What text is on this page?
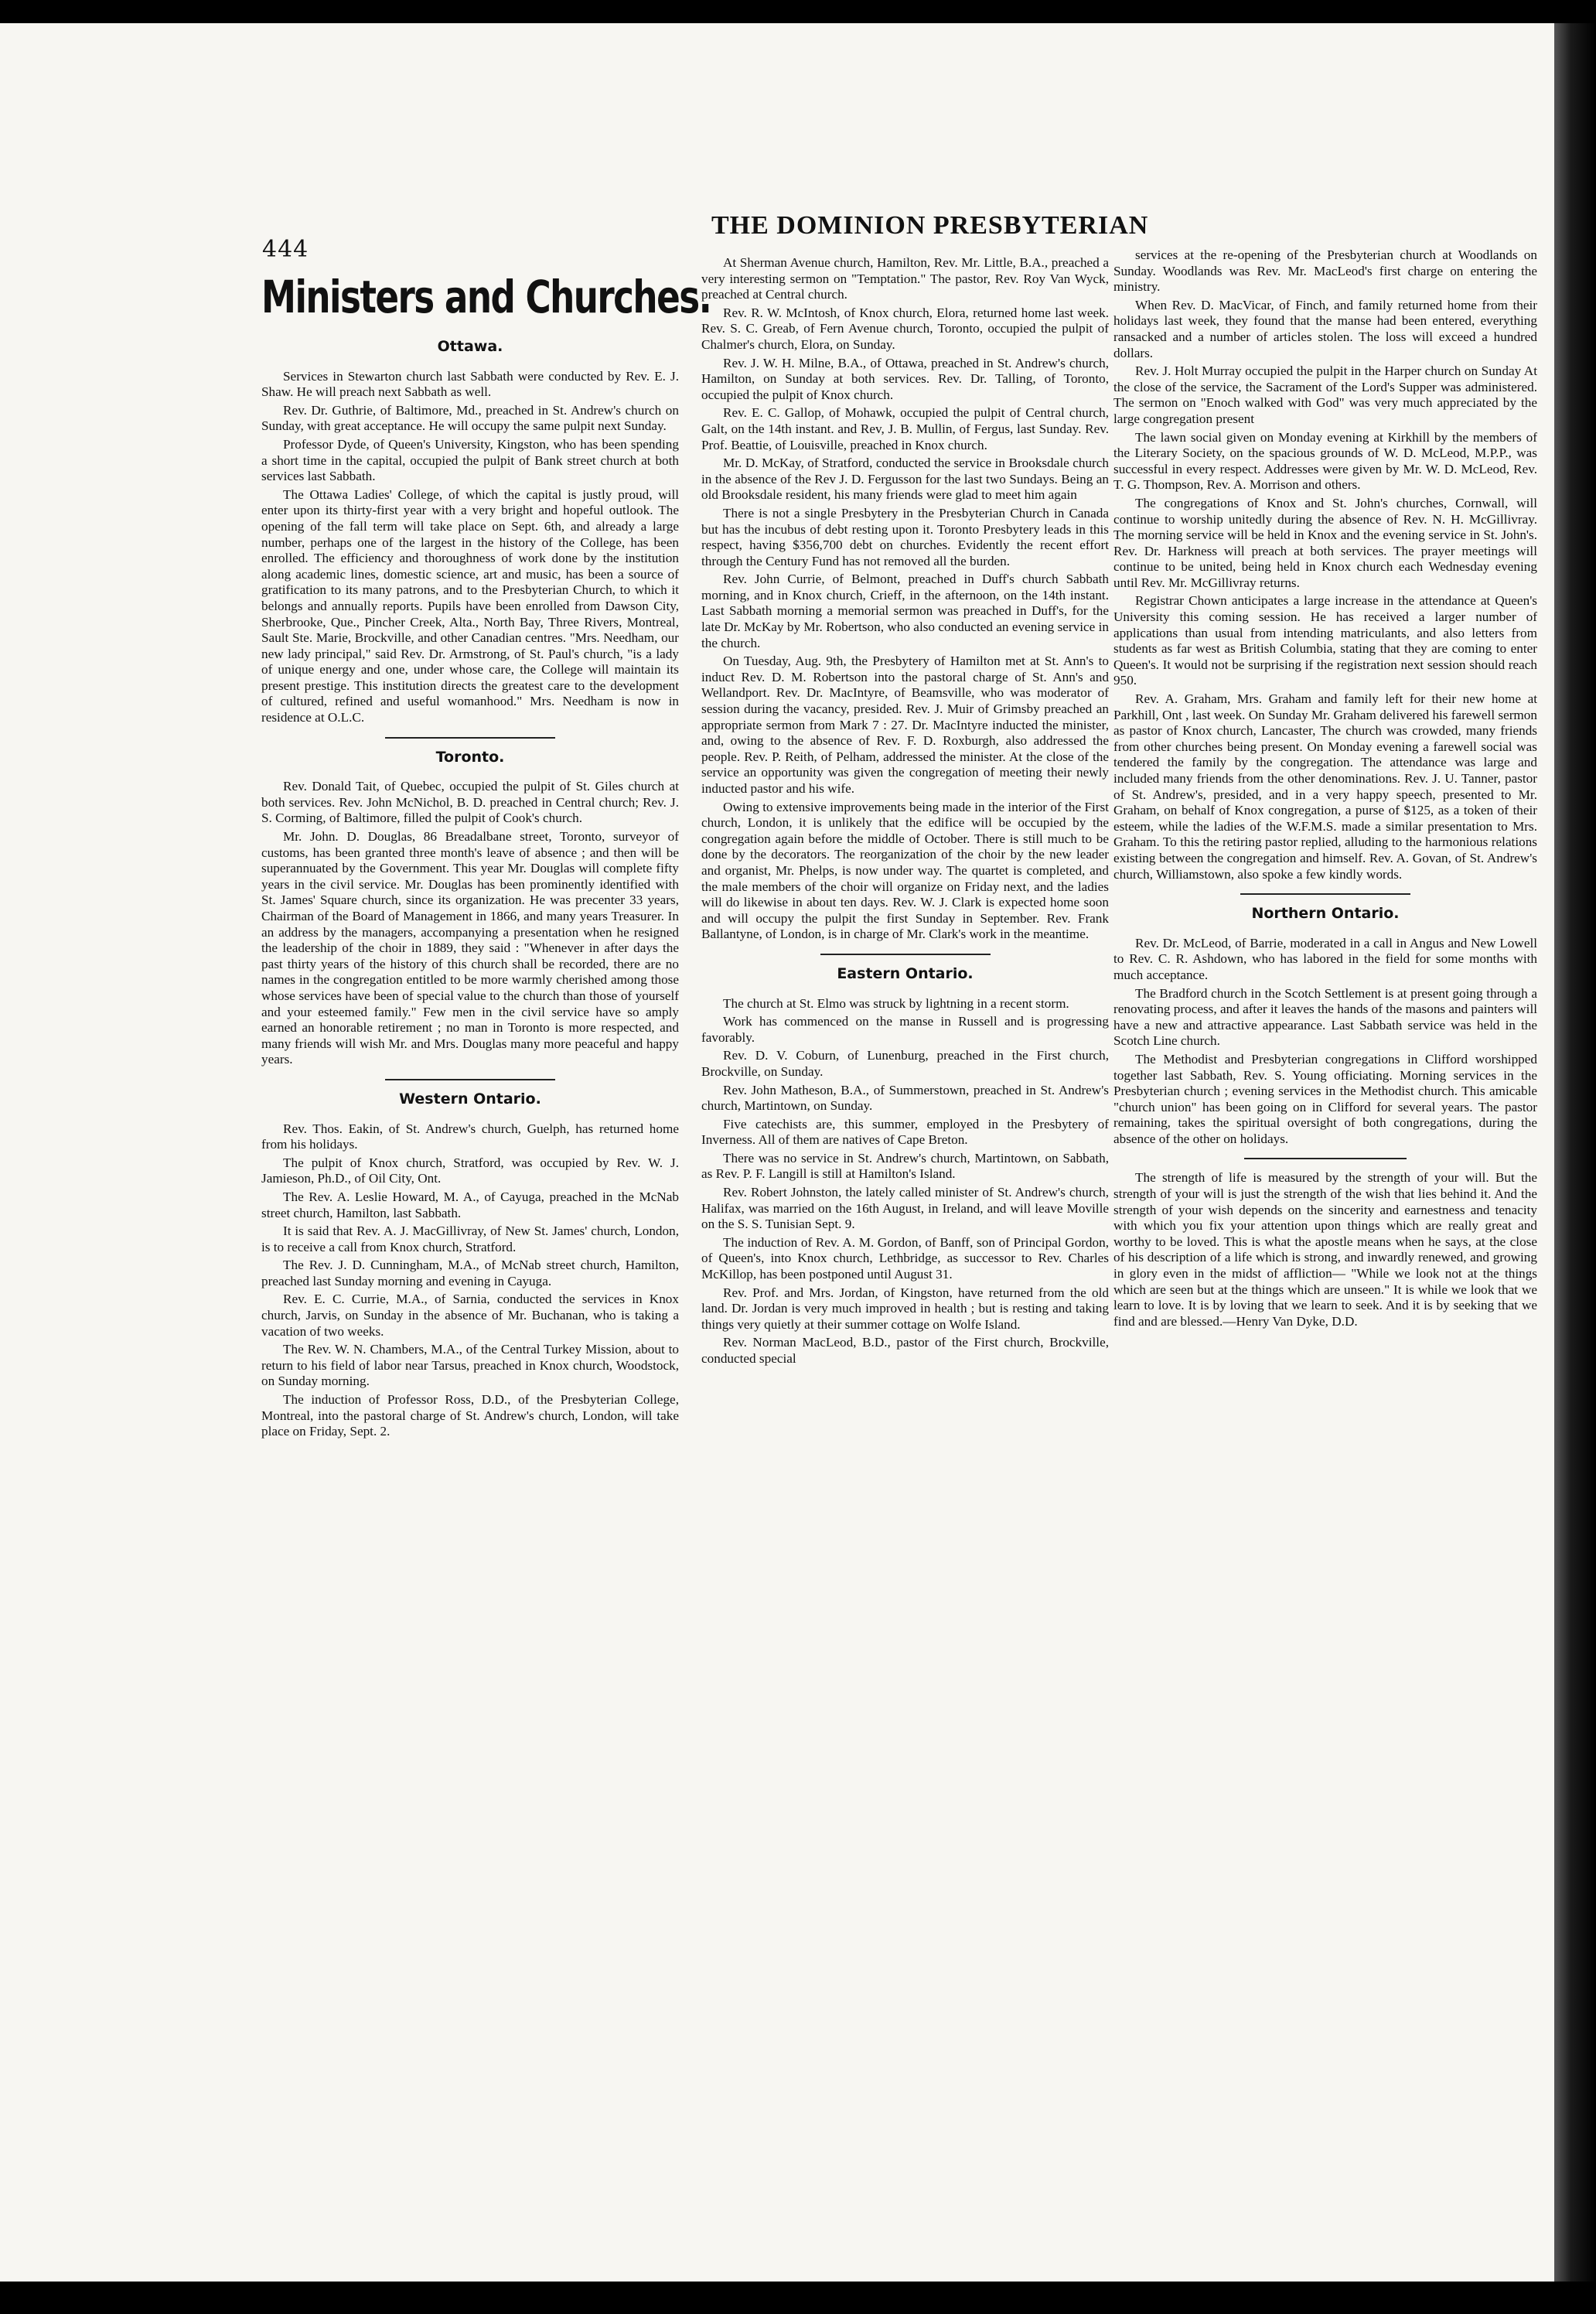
444
THE DOMINION PRESBYTERIAN
Ministers and Churches.
Ottawa.

Services in Stewarton church last Sabbath were conducted by Rev. E. J. Shaw. He will preach next Sabbath as well.

Rev. Dr. Guthrie, of Baltimore, Md., preached in St. Andrew's church on Sunday, with great acceptance. He will occupy the same pulpit next Sunday.

Professor Dyde, of Queen's University, Kingston, who has been spending a short time in the capital, occupied the pulpit of Bank street church at both services last Sabbath.

The Ottawa Ladies' College, of which the capital is justly proud, will enter upon its thirty-first year with a very bright and hopeful outlook. The opening of the fall term will take place on Sept. 6th, and already a large number, perhaps one of the largest in the history of the College, has been enrolled. The efficiency and thoroughness of work done by the institution along academic lines, domestic science, art and music, has been a source of gratification to its many patrons, and to the Presbyterian Church, to which it belongs and annually reports. Pupils have been enrolled from Dawson City, Sherbrooke, Que., Pincher Creek, Alta., North Bay, Three Rivers, Montreal, Sault Ste. Marie, Brockville, and other Canadian centres. "Mrs. Needham, our new lady principal," said Rev. Dr. Armstrong, of St. Paul's church, "is a lady of unique energy and one, under whose care, the College will maintain its present prestige. This institution directs the greatest care to the development of cultured, refined and useful womanhood." Mrs. Needham is now in residence at O.L.C.

Toronto.

Rev. Donald Tait, of Quebec, occupied the pulpit of St. Giles church at both services. Rev. John McNichol, B. D. preached in Central church; Rev. J. S. Corming, of Baltimore, filled the pulpit of Cook's church.

Mr. John. D. Douglas, 86 Breadalbane street, Toronto, surveyor of customs, has been granted three month's leave of absence ; and then will be superannuated by the Government. This year Mr. Douglas will complete fifty years in the civil service. Mr. Douglas has been prominently identified with St. James' Square church, since its organization. He was precenter 33 years, Chairman of the Board of Management in 1866, and many years Treasurer. In an address by the managers, accompanying a presentation when he resigned the leadership of the choir in 1889, they said : "Whenever in after days the past thirty years of the history of this church shall be recorded, there are no names in the congregation entitled to be more warmly cherished among those whose services have been of special value to the church than those of yourself and your esteemed family." Few men in the civil service have so amply earned an honorable retirement ; no man in Toronto is more respected, and many friends will wish Mr. and Mrs. Douglas many more peaceful and happy years.

Western Ontario.

Rev. Thos. Eakin, of St. Andrew's church, Guelph, has returned home from his holidays.

The pulpit of Knox church, Stratford, was occupied by Rev. W. J. Jamieson, Ph.D., of Oil City, Ont.

The Rev. A. Leslie Howard, M. A., of Cayuga, preached in the McNab street church, Hamilton, last Sabbath.

It is said that Rev. A. J. MacGillivray, of New St. James' church, London, is to receive a call from Knox church, Stratford.

The Rev. J. D. Cunningham, M.A., of McNab street church, Hamilton, preached last Sunday morning and evening in Cayuga.

Rev. E. C. Currie, M.A., of Sarnia, conducted the services in Knox church, Jarvis, on Sunday in the absence of Mr. Buchanan, who is taking a vacation of two weeks.

The Rev. W. N. Chambers, M.A., of the Central Turkey Mission, about to return to his field of labor near Tarsus, preached in Knox church, Woodstock, on Sunday morning.

The induction of Professor Ross, D.D., of the Presbyterian College, Montreal, into the pastoral charge of St. Andrew's church, London, will take place on Friday, Sept. 2.

At Sherman Avenue church, Hamilton, Rev. Mr. Little, B.A., preached a very interesting sermon on "Temptation." The pastor, Rev. Roy Van Wyck, preached at Central church.

Rev. R. W. McIntosh, of Knox church, Elora, returned home last week. Rev. S. C. Greab, of Fern Avenue church, Toronto, occupied the pulpit of Chalmer's church, Elora, on Sunday.

Rev. J. W. H. Milne, B.A., of Ottawa, preached in St. Andrew's church, Hamilton, on Sunday at both services. Rev. Dr. Talling, of Toronto, occupied the pulpit of Knox church.

Rev. E. C. Gallop, of Mohawk, occupied the pulpit of Central church, Galt, on the 14th instant. and Rev, J. B. Mullin, of Fergus, last Sunday. Rev. Prof. Beattie, of Louisville, preached in Knox church.

Mr. D. McKay, of Stratford, conducted the service in Brooksdale church in the absence of the Rev J. D. Fergusson for the last two Sundays. Being an old Brooksdale resident, his many friends were glad to meet him again

There is not a single Presbytery in the Presbyterian Church in Canada but has the incubus of debt resting upon it. Toronto Presbytery leads in this respect, having $356,700 debt on churches. Evidently the recent effort through the Century Fund has not removed all the burden.

Rev. John Currie, of Belmont, preached in Duff's church Sabbath morning, and in Knox church, Crieff, in the afternoon, on the 14th instant. Last Sabbath morning a memorial sermon was preached in Duff's, for the late Dr. McKay by Mr. Robertson, who also conducted an evening service in the church.

On Tuesday, Aug. 9th, the Presbytery of Hamilton met at St. Ann's to induct Rev. D. M. Robertson into the pastoral charge of St. Ann's and Wellandport. Rev. Dr. MacIntyre, of Beamsville, who was moderator of session during the vacancy, presided. Rev. J. Muir of Grimsby preached an appropriate sermon from Mark 7 : 27. Dr. MacIntyre inducted the minister, and, owing to the absence of Rev. F. D. Roxburgh, also addressed the people. Rev. P. Reith, of Pelham, addressed the minister. At the close of the service an opportunity was given the congregation of meeting their newly inducted pastor and his wife.

Owing to extensive improvements being made in the interior of the First church, London, it is unlikely that the edifice will be occupied by the congregation again before the middle of October. There is still much to be done by the decorators. The reorganization of the choir by the new leader and organist, Mr. Phelps, is now under way. The quartet is completed, and the male members of the choir will organize on Friday next, and the ladies will do likewise in about ten days. Rev. W. J. Clark is expected home soon and will occupy the pulpit the first Sunday in September. Rev. Frank Ballantyne, of London, is in charge of Mr. Clark's work in the meantime.

Eastern Ontario.

The church at St. Elmo was struck by lightning in a recent storm.

Work has commenced on the manse in Russell and is progressing favorably.

Rev. D. V. Coburn, of Lunenburg, preached in the First church, Brockville, on Sunday.

Rev. John Matheson, B.A., of Summerstown, preached in St. Andrew's church, Martintown, on Sunday.

Five catechists are, this summer, employed in the Presbytery of Inverness. All of them are natives of Cape Breton.

There was no service in St. Andrew's church, Martintown, on Sabbath, as Rev. P. F. Langill is still at Hamilton's Island.

Rev. Robert Johnston, the lately called minister of St. Andrew's church, Halifax, was married on the 16th August, in Ireland, and will leave Moville on the S. S. Tunisian Sept. 9.

The induction of Rev. A. M. Gordon, of Banff, son of Principal Gordon, of Queen's, into Knox church, Lethbridge, as successor to Rev. Charles McKillop, has been postponed until August 31.

Rev. Prof. and Mrs. Jordan, of Kingston, have returned from the old land. Dr. Jordan is very much improved in health ; but is resting and taking things very quietly at their summer cottage on Wolfe Island.

Rev. Norman MacLeod, B.D., pastor of the First church, Brockville, conducted special

services at the re-opening of the Presbyterian church at Woodlands on Sunday. Woodlands was Rev. Mr. MacLeod's first charge on entering the ministry.

When Rev. D. MacVicar, of Finch, and family returned home from their holidays last week, they found that the manse had been entered, everything ransacked and a number of articles stolen. The loss will exceed a hundred dollars.

Rev. J. Holt Murray occupied the pulpit in the Harper church on Sunday At the close of the service, the Sacrament of the Lord's Supper was administered. The sermon on "Enoch walked with God" was very much appreciated by the large congregation present

The lawn social given on Monday evening at Kirkhill by the members of the Literary Society, on the spacious grounds of W. D. McLeod, M.P.P., was successful in every respect. Addresses were given by Mr. W. D. McLeod, Rev. T. G. Thompson, Rev. A. Morrison and others.

The congregations of Knox and St. John's churches, Cornwall, will continue to worship unitedly during the absence of Rev. N. H. McGillivray. The morning service will be held in Knox and the evening service in St. John's. Rev. Dr. Harkness will preach at both services. The prayer meetings will continue to be united, being held in Knox church each Wednesday evening until Rev. Mr. McGillivray returns.

Registrar Chown anticipates a large increase in the attendance at Queen's University this coming session. He has received a larger number of applications than usual from intending matriculants, and also letters from students as far west as British Columbia, stating that they are coming to enter Queen's. It would not be surprising if the registration next session should reach 950.

Rev. A. Graham, Mrs. Graham and family left for their new home at Parkhill, Ont , last week. On Sunday Mr. Graham delivered his farewell sermon as pastor of Knox church, Lancaster, The church was crowded, many friends from other churches being present. On Monday evening a farewell social was tendered the family by the congregation. The attendance was large and included many friends from the other denominations. Rev. J. U. Tanner, pastor of St. Andrew's, presided, and in a very happy speech, presented to Mr. Graham, on behalf of Knox congregation, a purse of $125, as a token of their esteem, while the ladies of the W.F.M.S. made a similar presentation to Mrs. Graham. To this the retiring pastor replied, alluding to the harmonious relations existing between the congregation and himself. Rev. A. Govan, of St. Andrew's church, Williamstown, also spoke a few kindly words.

Northern Ontario.

Rev. Dr. McLeod, of Barrie, moderated in a call in Angus and New Lowell to Rev. C. R. Ashdown, who has labored in the field for some months with much acceptance.

The Bradford church in the Scotch Settlement is at present going through a renovating process, and after it leaves the hands of the masons and painters will have a new and attractive appearance. Last Sabbath service was held in the Scotch Line church.

The Methodist and Presbyterian congregations in Clifford worshipped together last Sabbath, Rev. S. Young officiating. Morning services in the Presbyterian church ; evening services in the Methodist church. This amicable "church union" has been going on in Clifford for several years. The pastor remaining, takes the spiritual oversight of both congregations, during the absence of the other on holidays.

The strength of life is measured by the strength of your will. But the strength of your will is just the strength of the wish that lies behind it. And the strength of your wish depends on the sincerity and earnestness and tenacity with which you fix your attention upon things which are really great and worthy to be loved. This is what the apostle means when he says, at the close of his description of a life which is strong, and inwardly renewed, and growing in glory even in the midst of affliction— "While we look not at the things which are seen but at the things which are unseen." It is while we look that we learn to love. It is by loving that we learn to seek. And it is by seeking that we find and are blessed.—Henry Van Dyke, D.D.
